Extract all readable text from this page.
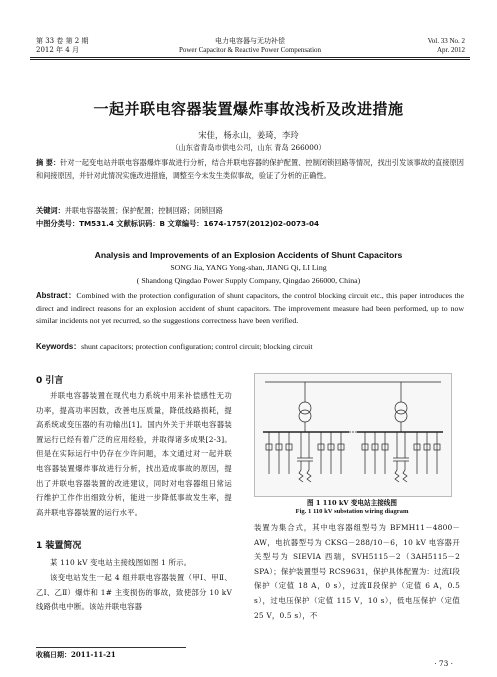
第 33 卷 第 2 期
2012 年 4 月
电力电容器与无功补偿
Power Capacitor & Reactive Power Compensation
Vol. 33 No. 2
Apr. 2012
一起并联电容器装置爆炸事故浅析及改进措施
宋佳，杨永山，姜琦，李玲
（山东省青岛市供电公司，山东 青岛 266000）
摘 要：针对一起变电站并联电容器爆炸事故进行分析，结合并联电容器的保护配置、控制闭锁回路等情况，找出引发该事故的直接原因和间接原因，并针对此情况实施改进措施，调整至今未发生类似事故，验证了分析的正确性。
关键词：并联电容器装置；保护配置；控制回路；闭锁回路
中图分类号：TM531.4 文献标识码：B 文章编号：1674-1757(2012)02-0073-04
Analysis and Improvements of an Explosion Accidents of Shunt Capacitors
SONG Jia, YANG Yong-shan, JIANG Qi, LI Ling
( Shandong Qingdao Power Supply Company, Qingdao 266000, China)
Abstract：Combined with the protection configuration of shunt capacitors, the control blocking circuit etc., this paper introduces the direct and indirect reasons for an explosion accident of shunt capacitors. The improvement measure had been performed, up to now similar incidents not yet recurred, so the suggestions correctness have been verified.
Keywords：shunt capacitors; protection configuration; control circuit; blocking circuit
0 引言
并联电容器装置在现代电力系统中用来补偿感性无功功率，提高功率因数，改善电压质量，降低线路损耗，提高系统或变压器的有功输出[1]。国内外关于并联电容器装置运行已经有着广泛的应用经验，并取得诸多成果[2-3]。但是在实际运行中仍存在少许问题，本文通过对一起并联电容器装置爆炸事故进行分析，找出造成事故的原因，提出了并联电容器装置的改进建议，同时对电容器组日常运行维护工作作出细致分析，能进一步降低事故发生率，提高并联电容器装置的运行水平。
1 装置简况
某 110 kV 变电站主接线图如图 1 所示。
该变电站发生一起 4 组并联电容器装置（甲Ⅰ、甲Ⅱ、乙Ⅰ、乙Ⅱ）爆炸和 1# 主变损伤的事故，致使部分 10 kV 线路供电中断。该站并联电容器
图 1 110 kV 变电站主接线图
Fig. 1 110 kV substation wiring diagram
装置为集合式，其中电容器组型号为 BFMH11－4800－AW，电抗器型号为 CKSG－288/10－6，10 kV 电容器开关型号为 SIEVIA 西瑞，SVH5115－2（3AH5115－2 SPA）；保护装置型号 RCS9631，保护具体配置为：过流Ⅰ段保护（定值 18 A，0 s），过流Ⅱ段保护（定值 6 A，0.5 s），过电压保护（定值 115 V，10 s），低电压保护（定值 25 V，0.5 s），不
收稿日期：2011-11-21
· 73 ·
